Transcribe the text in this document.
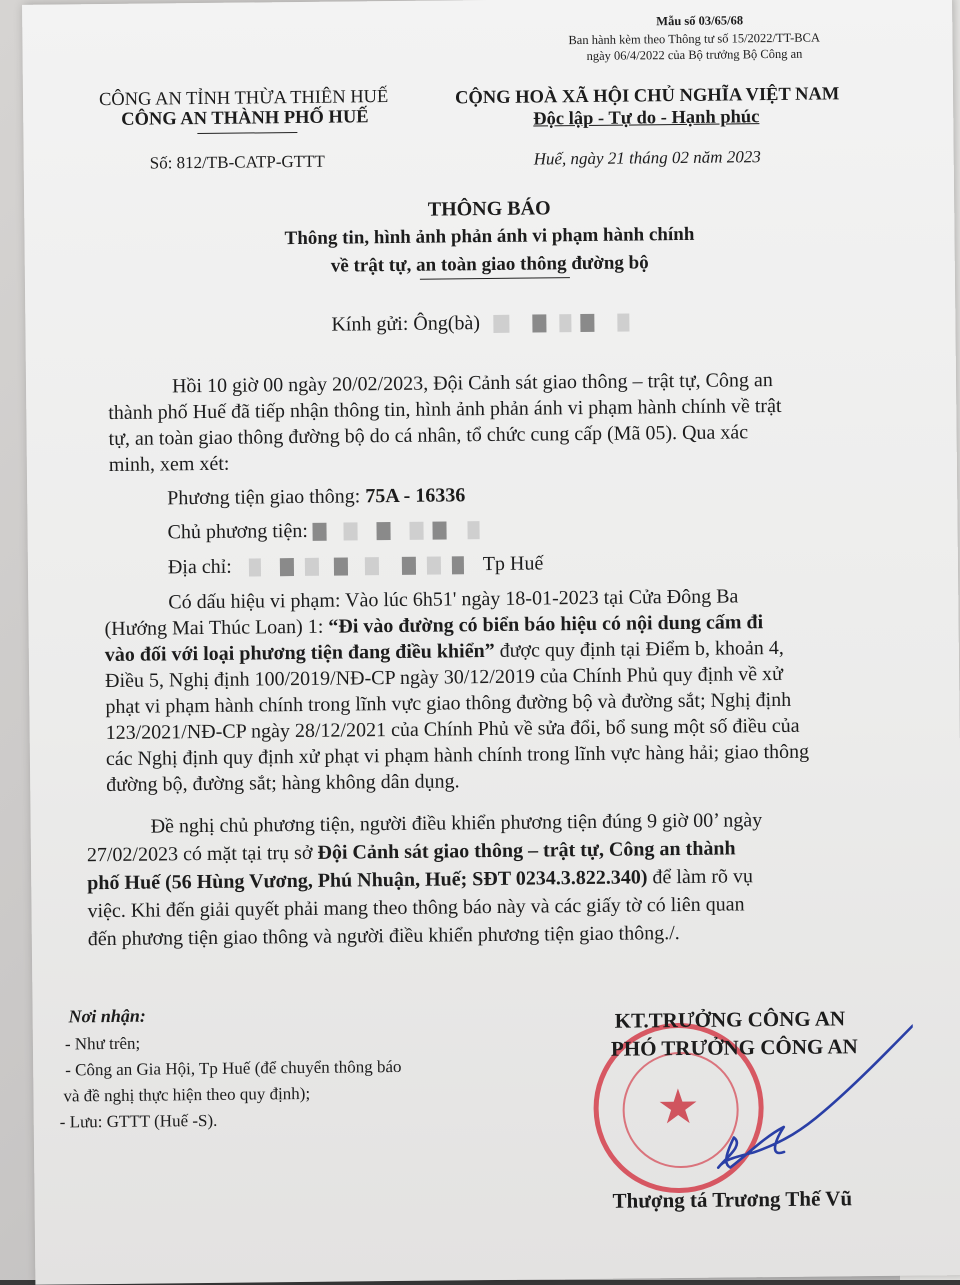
Mẫu số 03/65/68
Ban hành kèm theo Thông tư số 15/2022/TT-BCA
ngày 06/4/2022 của Bộ trưởng Bộ Công an
CÔNG AN TỈNH THỪA THIÊN HUẾ
CÔNG AN THÀNH PHỐ HUẾ
CỘNG HOÀ XÃ HỘI CHỦ NGHĨA VIỆT NAM
Độc lập - Tự do - Hạnh phúc
Số: 812/TB-CATP-GTTT	Huế, ngày 21 tháng 02 năm 2023
THÔNG BÁO
Thông tin, hình ảnh phản ánh vi phạm hành chính
về trật tự, an toàn giao thông đường bộ
Kính gửi: Ông(bà)
Hồi 10 giờ 00 ngày 20/02/2023, Đội Cảnh sát giao thông – trật tự, Công an
thành phố Huế đã tiếp nhận thông tin, hình ảnh phản ánh vi phạm hành chính về trật
tự, an toàn giao thông đường bộ do cá nhân, tổ chức cung cấp (Mã 05). Qua xác
minh, xem xét:
Phương tiện giao thông: 75A - 16336
Chủ phương tiện:
Địa chỉ:	Tp Huế
Có dấu hiệu vi phạm: Vào lúc 6h51' ngày 18-01-2023 tại Cửa Đông Ba
(Hướng Mai Thúc Loan) 1: “Đi vào đường có biển báo hiệu có nội dung cấm đi
vào đối với loại phương tiện đang điều khiển” được quy định tại Điểm b, khoản 4,
Điều 5, Nghị định 100/2019/NĐ-CP ngày 30/12/2019 của Chính Phủ quy định về xử
phạt vi phạm hành chính trong lĩnh vực giao thông đường bộ và đường sắt; Nghị định
123/2021/NĐ-CP ngày 28/12/2021 của Chính Phủ về sửa đổi, bổ sung một số điều của
các Nghị định quy định xử phạt vi phạm hành chính trong lĩnh vực hàng hải; giao thông
đường bộ, đường sắt; hàng không dân dụng.
Đề nghị chủ phương tiện, người điều khiển phương tiện đúng 9 giờ 00’ ngày
27/02/2023 có mặt tại trụ sở Đội Cảnh sát giao thông – trật tự, Công an thành
phố Huế (56 Hùng Vương, Phú Nhuận, Huế; SĐT 0234.3.822.340) để làm rõ vụ
việc. Khi đến giải quyết phải mang theo thông báo này và các giấy tờ có liên quan
đến phương tiện giao thông và người điều khiển phương tiện giao thông./.
Nơi nhận:
- Như trên;
- Công an Gia Hội, Tp Huế (để chuyển thông báo
và đề nghị thực hiện theo quy định);
- Lưu: GTTT (Huế -S).	★
KT.TRƯỞNG CÔNG AN
PHÓ TRƯỞNG CÔNG AN
Thượng tá Trương Thế Vũ
